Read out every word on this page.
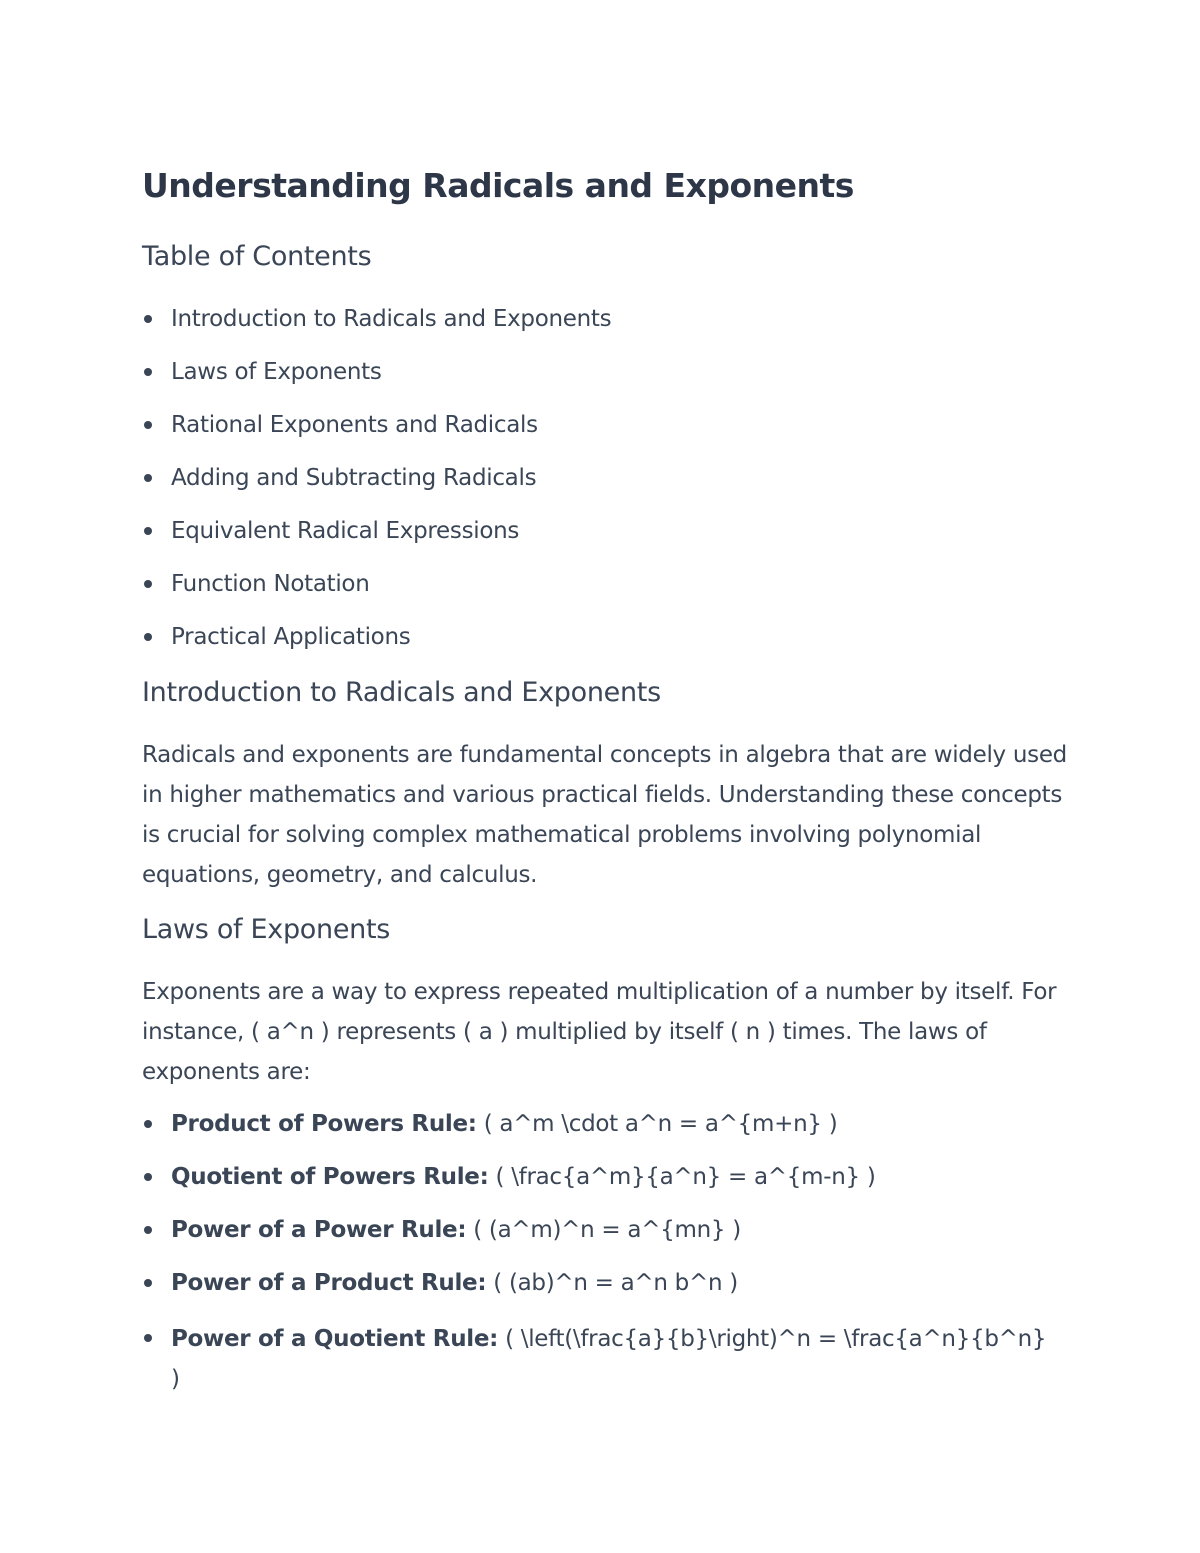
Understanding Radicals and Exponents
Table of Contents
Introduction to Radicals and Exponents
Laws of Exponents
Rational Exponents and Radicals
Adding and Subtracting Radicals
Equivalent Radical Expressions
Function Notation
Practical Applications
Introduction to Radicals and Exponents

Radicals and exponents are fundamental concepts in algebra that are widely used in higher mathematics and various practical fields. Understanding these concepts is crucial for solving complex mathematical problems involving polynomial equations, geometry, and calculus.

Laws of Exponents

Exponents are a way to express repeated multiplication of a number by itself. For instance, ( a^n ) represents ( a ) multiplied by itself ( n ) times. The laws of exponents are:

Product of Powers Rule: ( a^m \cdot a^n = a^{m+n} )
Quotient of Powers Rule: ( \frac{a^m}{a^n} = a^{m-n} )
Power of a Power Rule: ( (a^m)^n = a^{mn} )
Power of a Product Rule: ( (ab)^n = a^n b^n )
Power of a Quotient Rule: ( \left(\frac{a}{b}\right)^n = \frac{a^n}{b^n} )
